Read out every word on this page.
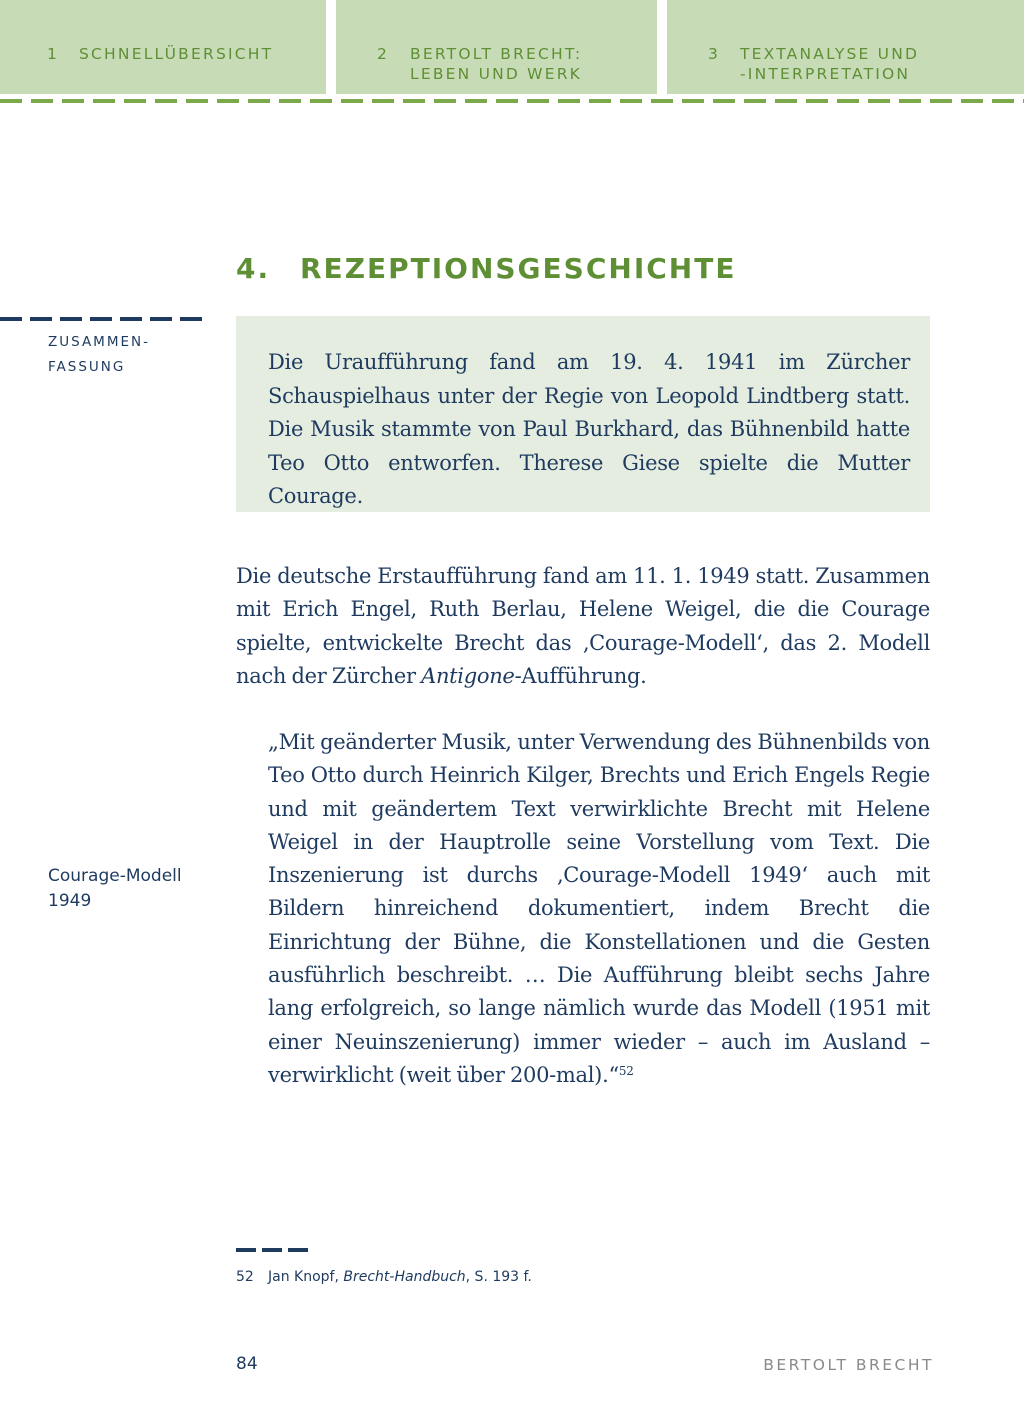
1 SCHNELLÜBERSICHT	2 BERTOLT BRECHT:
LEBEN UND WERK
3 TEXTANALYSE UND
-INTERPRETATION
4. REZEPTIONSGESCHICHTE
ZUSAMMEN-
FASSUNG	Die Uraufführung fand am 19. 4. 1941 im Zürcher Schauspielhaus unter der Regie von Leopold Lindtberg statt. Die Musik stammte von Paul Burkhard, das Bühnenbild hatte Teo Otto entworfen. Therese Giese spielte die Mutter Courage.
Die deutsche Erstaufführung fand am 11. 1. 1949 statt. Zusammen mit Erich Engel, Ruth Berlau, Helene Weigel, die die Courage spielte, entwickelte Brecht das ‚Courage-Modell‘, das 2. Modell nach der Zürcher Antigone-Aufführung.
„Mit geänderter Musik, unter Verwendung des Bühnenbilds von Teo Otto durch Heinrich Kilger, Brechts und Erich Engels Regie und mit geändertem Text verwirklichte Brecht mit Helene Weigel in der Hauptrolle seine Vorstellung vom Text. Die Inszenierung ist durchs ‚Courage-Modell 1949‘ auch mit Bildern hinreichend dokumentiert, indem Brecht die Einrichtung der Bühne, die Konstellationen und die Gesten ausführlich beschreibt. … Die Aufführung bleibt sechs Jahre lang erfolgreich, so lange nämlich wurde das Modell (1951 mit einer Neuinszenierung) immer wieder – auch im Ausland – verwirklicht (weit über 200-mal).“$^{52}$
Courage-Modell
1949
52 Jan Knopf, Brecht-Handbuch, S. 193 f.
84	BERTOLT BRECHT
